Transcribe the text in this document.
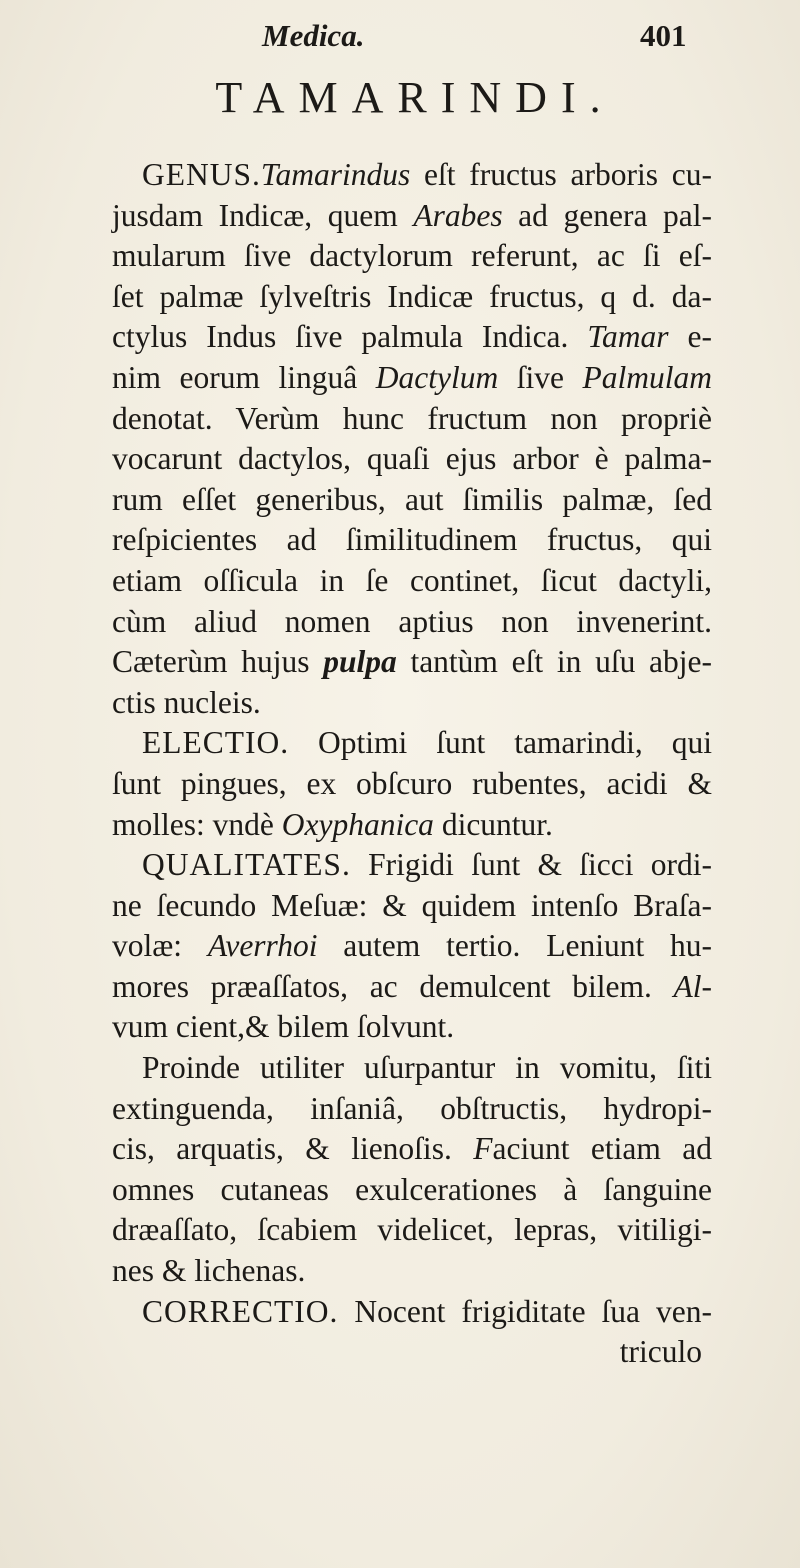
Medica.	401
TAMARINDI.
GENUS.Tamarindus eſt fructus arboris cu-
jusdam Indicæ, quem Arabes ad genera pal-
mularum ſive dactylorum referunt, ac ſi eſ-
ſet palmæ ſylveſtris Indicæ fructus, q d. da-
ctylus Indus ſive palmula Indica. Tamar e-
nim eorum linguâ Dactylum ſive Palmulam
denotat. Verùm hunc fructum non propriè
vocarunt dactylos, quaſi ejus arbor è palma-
rum eſſet generibus, aut ſimilis palmæ, ſed
reſpicientes ad ſimilitudinem fructus, qui
etiam oſſicula in ſe continet, ſicut dactyli,
cùm aliud nomen aptius non invenerint.
Cæterùm hujus pulpa tantùm eſt in uſu abje-
ctis nucleis.
ELECTIO. Optimi ſunt tamarindi, qui
ſunt pingues, ex obſcuro rubentes, acidi &
molles: vndè Oxyphanica dicuntur.
QUALITATES. Frigidi ſunt & ſicci ordi-
ne ſecundo Meſuæ: & quidem intenſo Braſa-
volæ: Averrhoi autem tertio. Leniunt hu-
mores præaſſatos, ac demulcent bilem. Al-
vum cient,& bilem ſolvunt.
Proinde utiliter uſurpantur in vomitu, ſiti
extinguenda, inſaniâ, obſtructis, hydropi-
cis, arquatis, & lienoſis. Faciunt etiam ad
omnes cutaneas exulcerationes à ſanguine
dræaſſato, ſcabiem videlicet, lepras, vitiligi-
nes & lichenas.
CORRECTIO. Nocent frigiditate ſua ven-
triculo
